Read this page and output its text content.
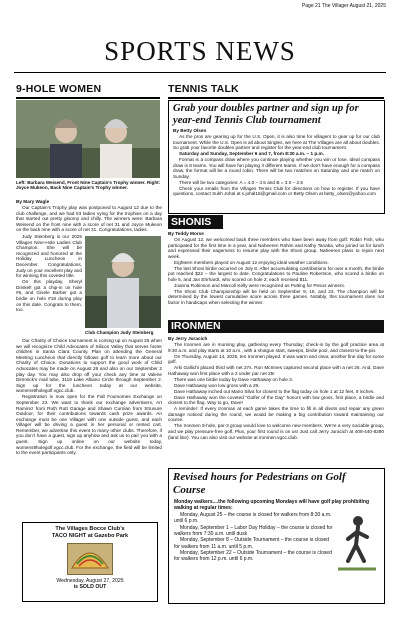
Page 21 The Villager August 21, 2025
SPORTS NEWS
9-HOLE WOMEN
Left: Barbara Weisend, Front Nine Captain’s Trophy winner. Right: Joyce Mukeon, Back Nine Captain’s Trophy winner.

By Mary Wagle

Our Captain’s Trophy play was postponed to August 12 due to the club challenge, and we had 53 ladies vying for the trophies on a day that started out pretty gloomy and chilly. The winners were: Barbara Weisend on the front nine with a score of net 31 and Joyce Mukeon on the back nine with a score of net 31. Congratulations, ladies.

Judy Steinberg is our 2025 Villages Nine-Hole Ladies Club Champion. She will be recognized and honored at the Holiday Luncheon in December. Congratulations, Judy on your excellent play and for winning this coveted title.

On this playday, Sheryl Driskell got a chip-in on hole #6, and Gisele Barber got a birdie on hole #18 during play on this date. Congrats to them, too.

Club Champion Judy Steinberg

Our Charity of Choice tournament is coming up on August 26 when we will recognize Child Advocates of Silicon Valley that serves foster children in Santa Clara County. Plan on attending the General Meeting Luncheon that directly follows golf to learn more about our Charity of Choice. Donations to support the good work of Child Advocates may be made on August 26 and also on our September 2 play day. You may also drop off your check any time at Valerie Dimmick’s mail tube, 3119 Lake Albano Circle through September 2. Sign up for the luncheon today at our website, womens9holegolf.vgcc.club.

Registration is now open for the Fall Foursomes Exchange on September 23. We want to thank our exchange advertisers, Art Ramirez from Ruth Rutt Garage and Shawn Curnian from Struxure Outdoor, for their contributions towards cash prize awards. An exchange must be one Villager with one outside guest, and each Villager will be driving a guest in her personal or rented cart. Remember, we advertise this event to many other clubs. Therefore, if you don’t have a guest, sign up anyhow and ask us to pair you with a guest. Sign up online on our website today, womens9holegolf.vgcc.club. For the exchange, the field will be limited to the event participants only.

The Villages Bocce Club’s
TACO NIGHT at Gazebo Park
Wednesday, August 27, 2025
is SOLD OUT
TENNIS TALK
Grab your doubles partner and sign up for year-end Tennis Club tournament

By Betty Olsen

As the pros are gearing up for the U.S. Open, it is also time for villagers to gear up for our club tournament. While the U.S. Open is all about Singles, we here at The Villages are all about doubles. So grab your favorite doubles partner and register for the year-end club tournament.

Saturday and Sunday, September 6 and 7, from 8:30 a.m. – 1 p.m.

Format is a compass draw where you continue playing whether you win or lose. Ideal compass draw is 8 teams. You will have fun playing 3 different teams. If we don’t have enough for a compass draw, the format will be a round robin. There will be two matches on Saturday and one match on Sunday.

There will be two categories: A = 4.0 – 3.5 and B = 3.0 – 2.5

Check your emails from the Villages Tennis Club for directions on how to register. If you have questions, contact Sukh Johal at s.johal15@gmail.com or Betty Olsen at betty_olsen@yahoo.com

SHONIS

By Teddy Morse

On August 12, we welcomed back three members who have been away from golf: Robin Fish, who participated for the first time in a year, and Naheeren Rahim and Kathy Tanaka, who joined us for lunch and expressed their eagerness to resume play with the Shoni group. Naheeren plans to rejoin next week.

Eighteen members played on August 12 enjoying ideal weather conditions.

The last Shoni birdie occurred on July 8. After accumulating contributions for over a month, the birdie pot reached $22 – the largest to date. Congratulations to Pauline Robertson, who scored a birdie on hole 5, and Jan Ehrhardt, who scored on hole 2; each received $11.

Joanna Robinson and Marcoli Kelly were recognized as Putting for Pesos winners.

The Shoni Club Championship will be held on September 9, 16, and 23. The champion will be determined by the lowest cumulative score across three games. Notably, this tournament does not factor in handicaps when selecting the winner.

IRONMEN

By Jerry Juracich

The Ironmen are in morning play, gathering every Thursday; check-in by the golf practice area at 9:30 a.m. and play starts at 10 a.m., with a shotgun start, sweeps, birdie pool, and closest-to-the-pin.

On Thursday, August 14, 2025, ten Ironmen played. It was warm and clear, another fine day for some golf.

Arki Gallichi placed third with net 27s. Ron McInnes captured second place with a net 26. And, Dave Hathaway won first place with a 2 under par net 25!

There was one birdie today by Dave Hathaway on hole 3.

Dave Hathaway won low gross with a 29.

Dave Hathaway inched out Mario Silva for closest to the flag today on hole 1 at 12 feet, 8 inches.

Dave Hathaway won the coveted “Golfer of the Day” honors with low gross, first place, a birdie and closest to the flag. Way to go, Dave!

A reminder: If every Ironman at each game takes the time to fill in all divots and repair any green damage noticed during the round, we would be making a big contribution toward maintaining our course.

The Ironmen 9-hole, par-3 group would love to welcome new members. We’re a very sociable group, and we play pressure-free golf. Plus, your first round is on us! Just call Jerry Juracich at 408-440-8280 (land line). You can also visit our website at ironmen.vgcc.club.

Revised hours for Pedestrians on Golf Course

Monday walkers....the following upcoming Mondays will have golf play prohibiting walking at regular times:

Monday, August 25 – the course is closed for walkers from 8:30 a.m. until 6 p.m.

Monday, September 1 – Labor Day Holiday – the course is closed for walkers from 7:30 a.m. until dusk

Monday, September 8 – Outside Tournament – the course is closed for walkers from 11 a.m. until 5 p.m.

Monday, September 22 – Outside Tournament – the course is closed for walkers from 12 p.m. until 6 p.m.
